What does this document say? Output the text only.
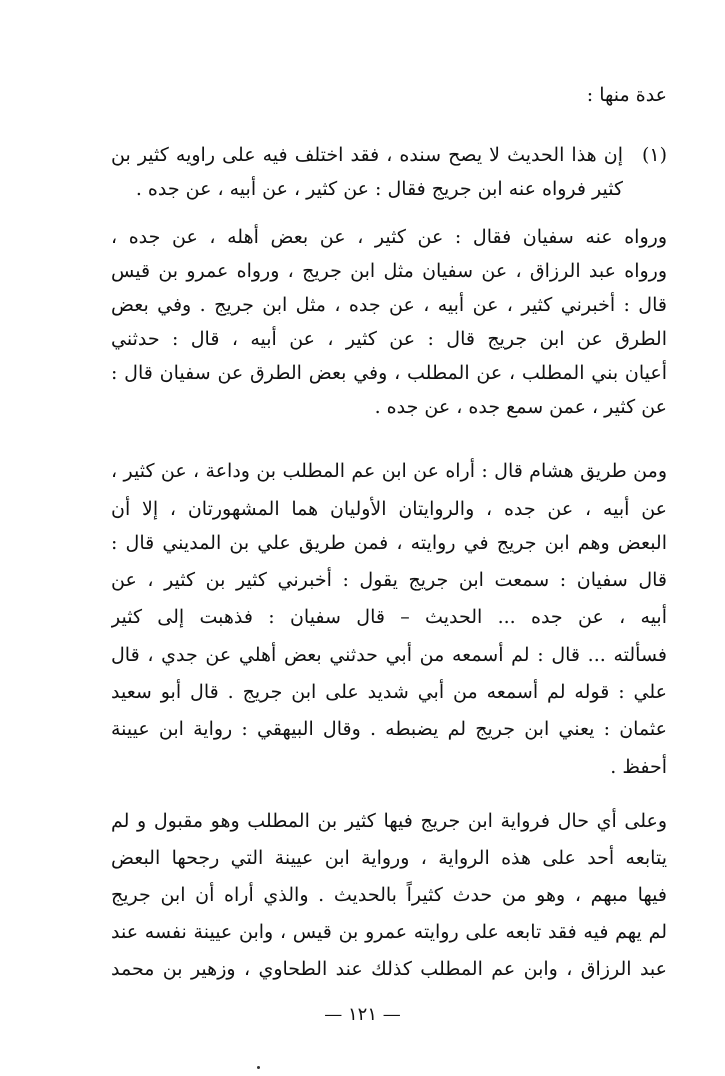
عدة منها :
(١)
إن هذا الحديث لا يصح سنده ، فقد اختلف فيه على راويه كثير بن
كثير فرواه عنه ابن جريج فقال : عن كثير ، عن أبيه ، عن جده .
ورواه عنه سفيان فقال : عن كثير ، عن بعض أهله ، عن جده ،
ورواه عبد الرزاق ، عن سفيان مثل ابن جريج ، ورواه عمرو بن قيس
قال : أخبرني كثير ، عن أبيه ، عن جده ، مثل ابن جريج . وفي بعض
الطرق عن ابن جريج قال : عن كثير ، عن أبيه ، قال : حدثني
أعيان بني المطلب ، عن المطلب ، وفي بعض الطرق عن سفيان قال :
عن كثير ، عمن سمع جده ، عن جده .
ومن طريق هشام قال : أراه عن ابن عم المطلب بن وداعة ، عن كثير ،
عن أبيه ، عن جده ، والروايتان الأوليان هما المشهورتان ، إلا أن
البعض وهم ابن جريج في روايته ، فمن طريق علي بن المديني قال :
قال سفيان : سمعت ابن جريج يقول : أخبرني كثير بن كثير ، عن
أبيه ، عن جده ... الحديث – قال سفيان : فذهبت إلى كثير
فسألته ... قال : لم أسمعه من أبي حدثني بعض أهلي عن جدي ، قال
علي : قوله لم أسمعه من أبي شديد على ابن جريج . قال أبو سعيد
عثمان : يعني ابن جريج لم يضبطه . وقال البيهقي : رواية ابن عيينة
أحفظ .
وعلى أي حال فرواية ابن جريج فيها كثير بن المطلب وهو مقبول و لم
يتابعه أحد على هذه الرواية ، ورواية ابن عيينة التي رجحها البعض
فيها مبهم ، وهو من حدث كثيراً بالحديث . والذي أراه أن ابن جريج
لم يهم فيه فقد تابعه على روايته عمرو بن قيس ، وابن عيينة نفسه عند
عبد الرزاق ، وابن عم المطلب كذلك عند الطحاوي ، وزهير بن محمد
— ١٢١ —
